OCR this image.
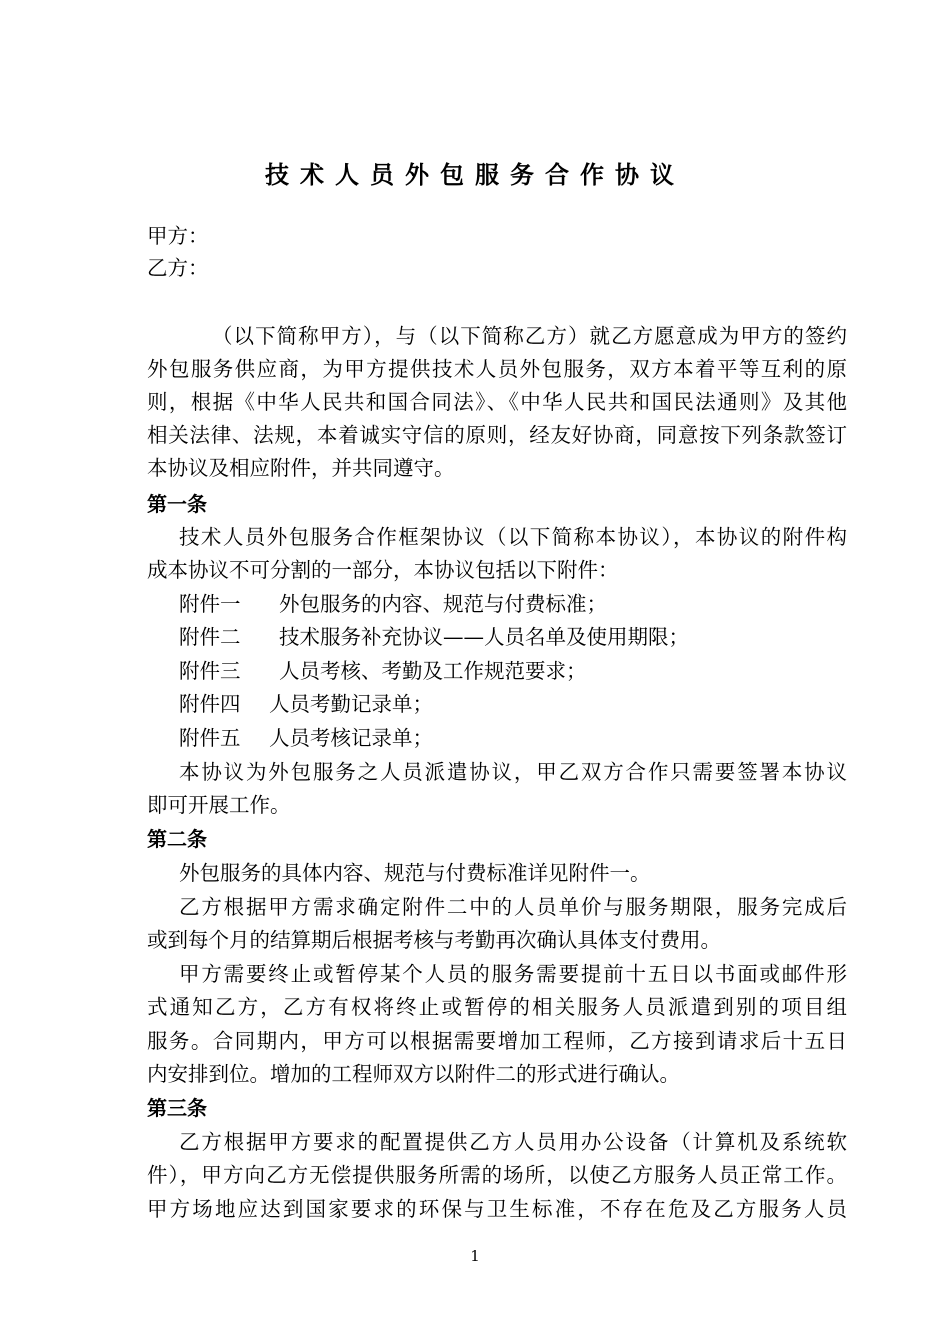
技术人员外包服务合作协议
甲方：
乙方：
（以下简称甲方），与（以下简称乙方）就乙方愿意成为甲方的签约
外包服务供应商，为甲方提供技术人员外包服务，双方本着平等互利的原
则，根据《中华人民共和国合同法》、《中华人民共和国民法通则》及其他
相关法律、法规，本着诚实守信的原则，经友好协商，同意按下列条款签订
本协议及相应附件，并共同遵守。
第一条
技术人员外包服务合作框架协议（以下简称本协议），本协议的附件构
成本协议不可分割的一部分，本协议包括以下附件：
附件一 外包服务的内容、规范与付费标准；
附件二 技术服务补充协议——人员名单及使用期限；
附件三 人员考核、考勤及工作规范要求；
附件四 人员考勤记录单；
附件五 人员考核记录单；
本协议为外包服务之人员派遣协议，甲乙双方合作只需要签署本协议
即可开展工作。
第二条
外包服务的具体内容、规范与付费标准详见附件一。
乙方根据甲方需求确定附件二中的人员单价与服务期限，服务完成后
或到每个月的结算期后根据考核与考勤再次确认具体支付费用。
甲方需要终止或暂停某个人员的服务需要提前十五日以书面或邮件形
式通知乙方，乙方有权将终止或暂停的相关服务人员派遣到别的项目组
服务。合同期内，甲方可以根据需要增加工程师，乙方接到请求后十五日
内安排到位。增加的工程师双方以附件二的形式进行确认。
第三条
乙方根据甲方要求的配置提供乙方人员用办公设备（计算机及系统软
件），甲方向乙方无偿提供服务所需的场所，以使乙方服务人员正常工作。
甲方场地应达到国家要求的环保与卫生标准，不存在危及乙方服务人员
1
